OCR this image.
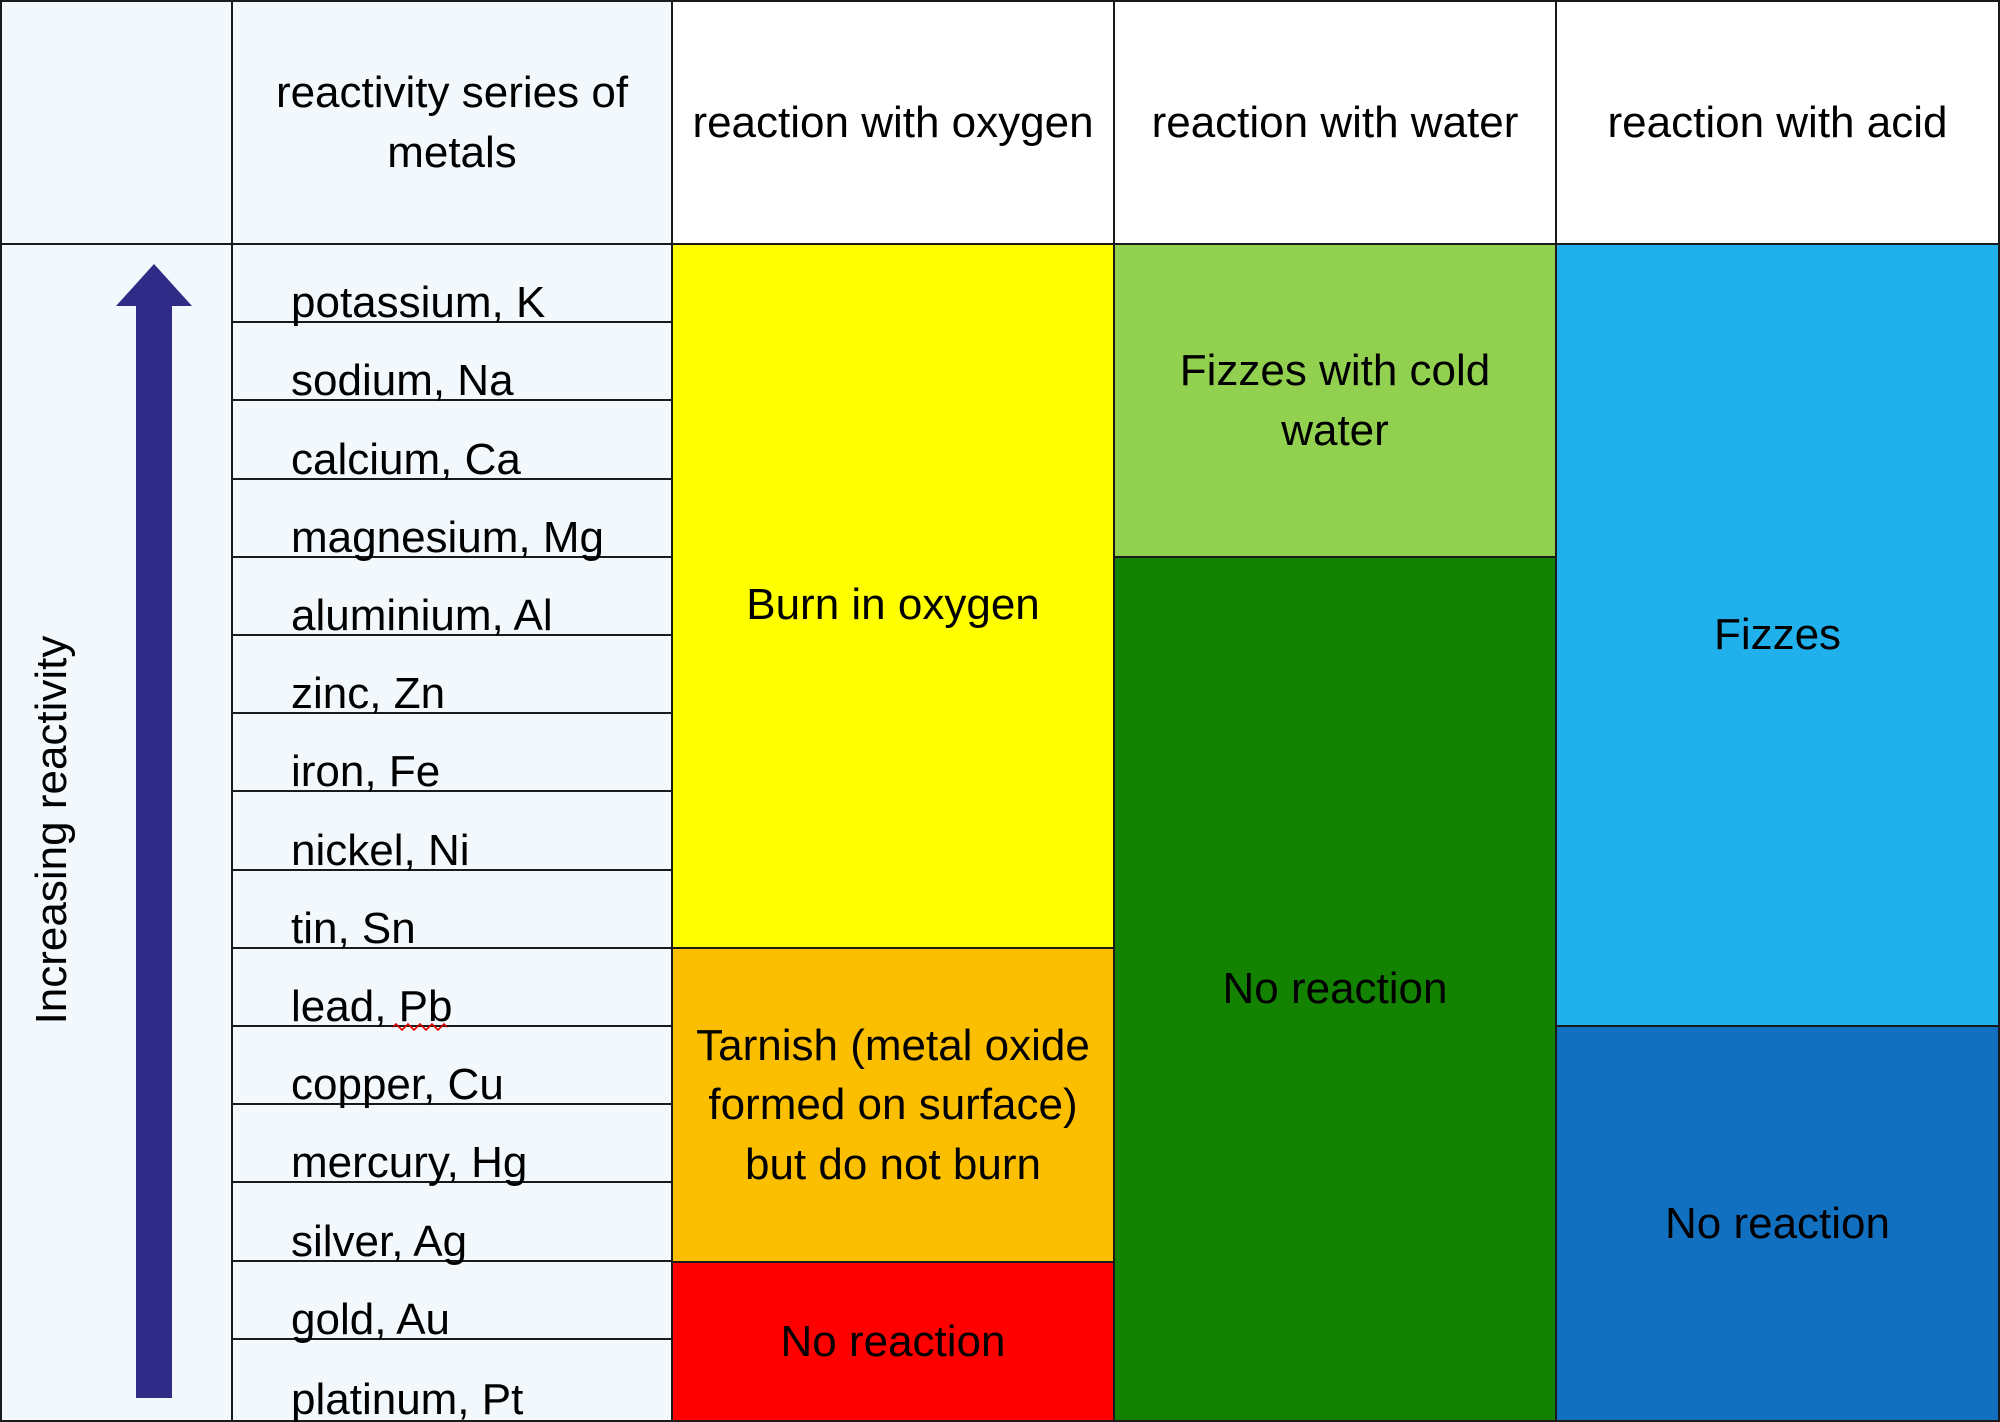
reactivity series of metals
reaction with oxygen reaction with water reaction with acid
Increasing reactivity
potassium, K
sodium, Na
calcium, Ca
magnesium, Mg
aluminium, Al
zinc, Zn
iron, Fe
nickel, Ni
tin, Sn
lead, Pb
copper, Cu
mercury, Hg
silver, Ag
gold, Au
platinum, Pt
Burn in oxygen
Tarnish (metal oxide formed on surface) but do not burn
No reaction
Fizzes with cold water
No reaction
Fizzes
No reaction
